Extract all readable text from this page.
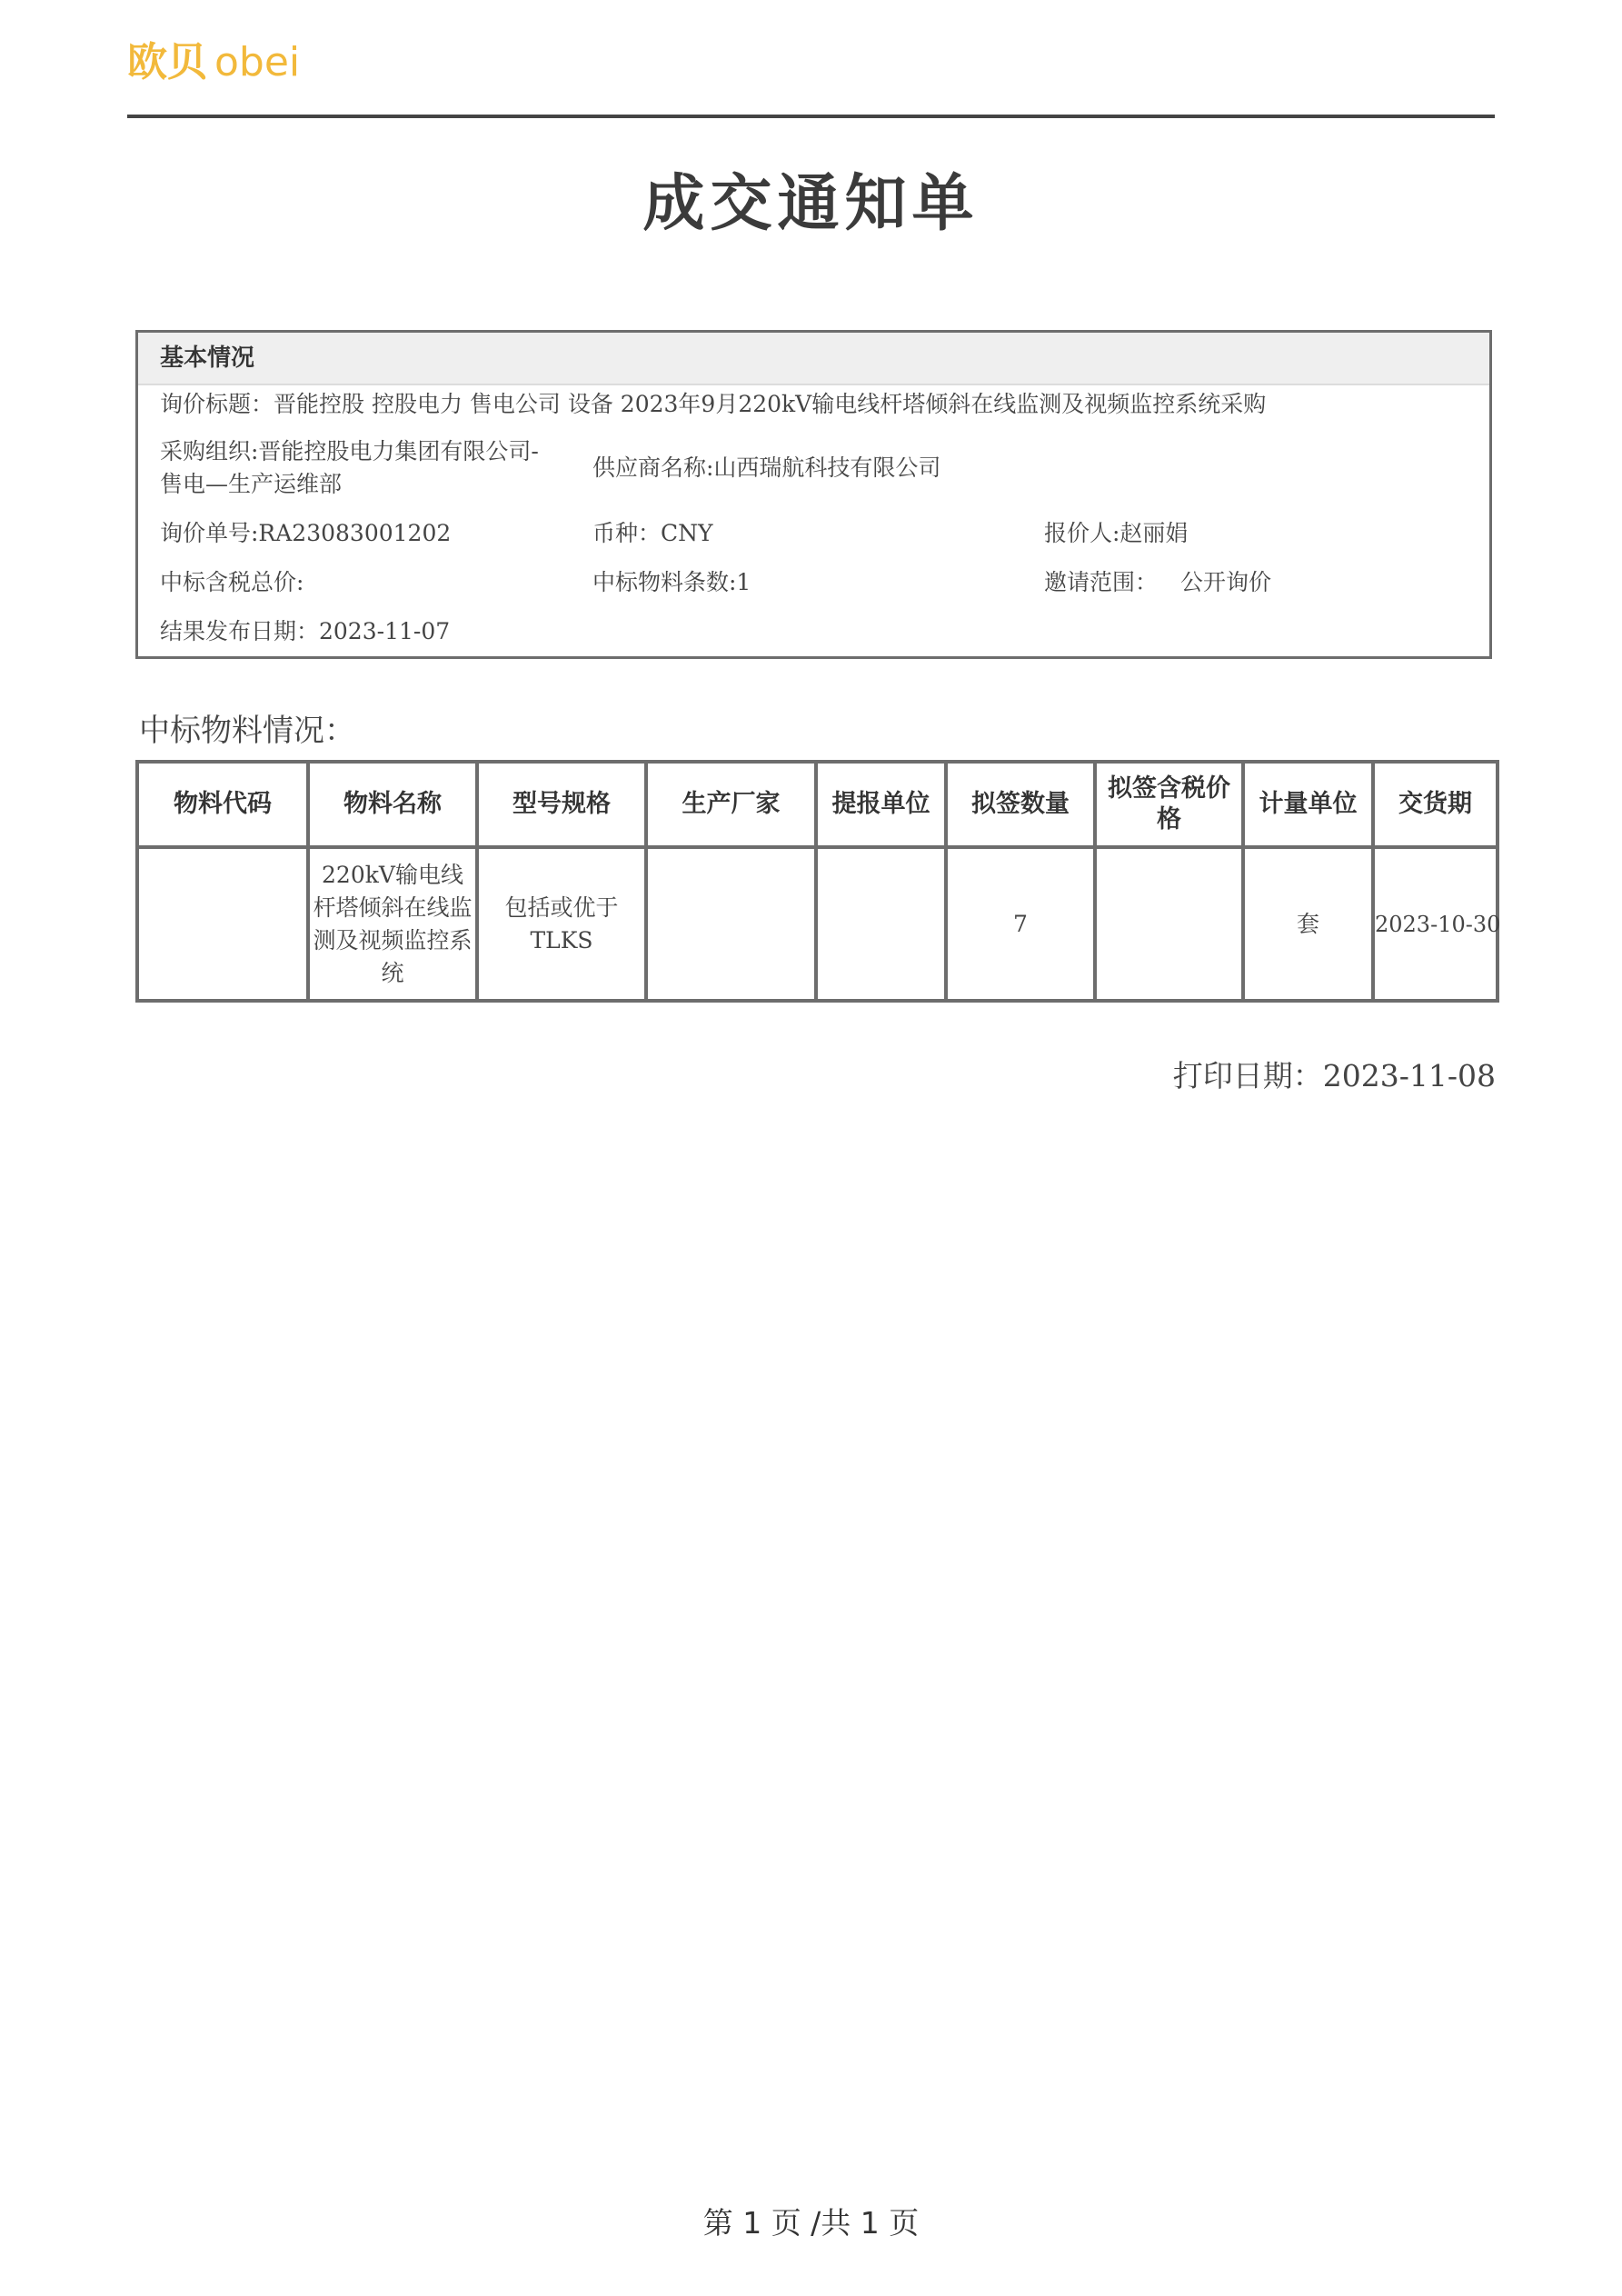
欧贝 obei
成交通知单
基本情况
询价标题：晋能控股 控股电力 售电公司 设备 2023年9月220kV输电线杆塔倾斜在线监测及视频监控系统采购
采购组织:晋能控股电力集团有限公司-
售电—生产运维部
供应商名称:山西瑞航科技有限公司
询价单号:RA23083001202	币种：CNY	报价人:赵丽娟
中标含税总价:	中标物料条数:1	邀请范围： 公开询价
结果发布日期：2023-11-07
中标物料情况：
物料代码	物料名称	型号规格	生产厂家	提报单位	拟签数量	拟签含税价格	计量单位	交货期
	220kV输电线杆塔倾斜在线监测及视频监控系统	包括或优于TLKS			7		套	2023-10-30
打印日期：2023-11-08
第 1 页 /共 1 页
